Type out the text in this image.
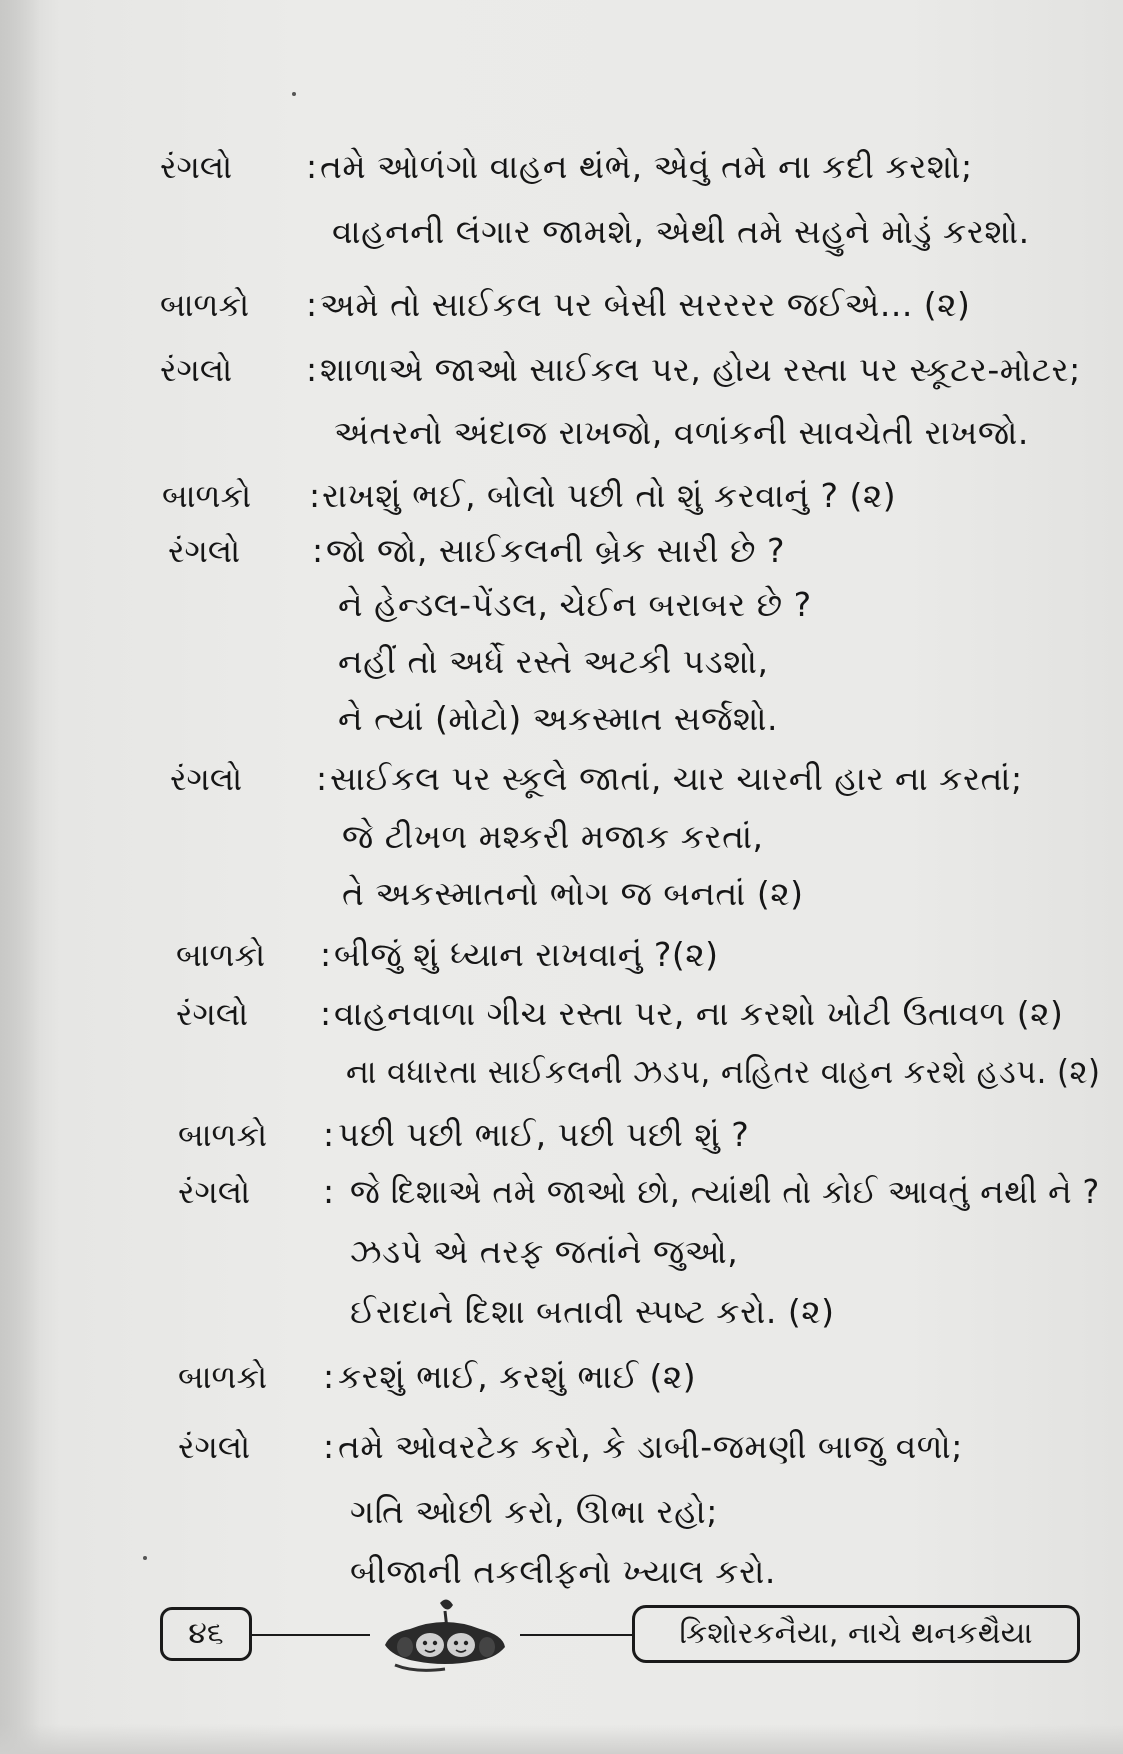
રંગલો : તમે ઓળંગો વાહન થંભે, એવું તમે ના કદી કરશો;
વાહનની લંગાર જામશે, એથી તમે સહુને મોડું કરશો.
બાળકો : અમે તો સાઈકલ પર બેસી સરરરર જઈએ... (૨)
રંગલો : શાળાએ જાઓ સાઈકલ પર, હોય રસ્તા પર સ્કૂટર-મોટર;
અંતરનો અંદાજ રાખજો, વળાંકની સાવચેતી રાખજો.
બાળકો : રાખશું ભઈ, બોલો પછી તો શું કરવાનું ? (૨)
રંગલો : જો જો, સાઈકલની બ્રેક સારી છે ?
ને હેન્ડલ-પેંડલ, ચેઈન બરાબર છે ?
નહીં તો અર્ધે રસ્તે અટકી પડશો,
ને ત્યાં (મોટો) અકસ્માત સર્જશો.
રંગલો : સાઈકલ પર સ્કૂલે જાતાં, ચાર ચારની હાર ના કરતાં;
જે ટીખળ મશ્કરી મજાક કરતાં,
તે અકસ્માતનો ભોગ જ બનતાં (૨)
બાળકો : બીજું શું ધ્યાન રાખવાનું ?(૨)
રંગલો : વાહનવાળા ગીચ રસ્તા પર, ના કરશો ખોટી ઉતાવળ (૨)
ના વધારતા સાઈકલની ઝડપ, નહિતર વાહન કરશે હડપ. (૨)
બાળકો : પછી પછી ભાઈ, પછી પછી શું ?
રંગલો : જે દિશાએ તમે જાઓ છો, ત્યાંથી તો કોઈ આવતું નથી ને ?
ઝડપે એ તરફ જતાંને જુઓ,
ઈરાદાને દિશા બતાવી સ્પષ્ટ કરો. (૨)
બાળકો : કરશું ભાઈ, કરશું ભાઈ (૨)
રંગલો : તમે ઓવરટેક કરો, કે ડાબી-જમણી બાજુ વળો;
ગતિ ઓછી કરો, ઊભા રહો;
બીજાની તકલીફનો ખ્યાલ કરો.
૪૬	કિશોરકનૈયા, નાચે થનકથૈયા
